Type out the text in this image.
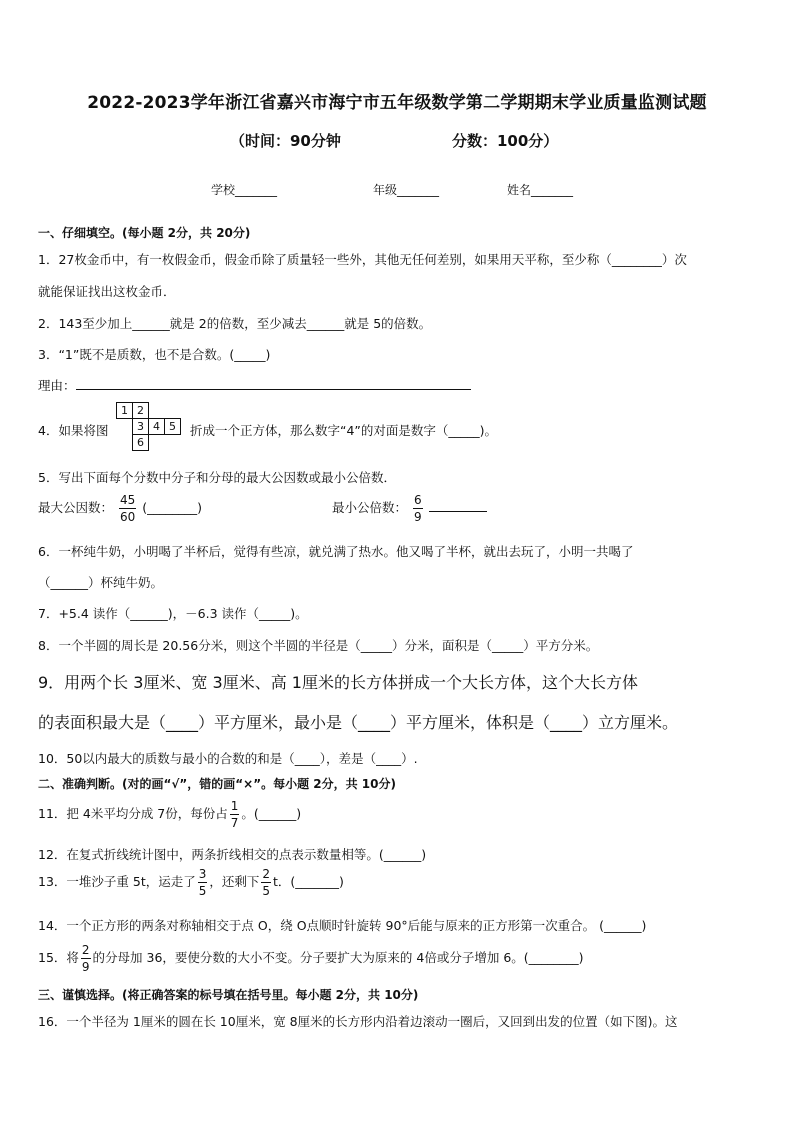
2022-2023学年浙江省嘉兴市海宁市五年级数学第二学期期末学业质量监测试题
（时间：90分钟	分数：100分）
学校_______	年级_______	姓名_______
一、仔细填空。(每小题 2分，共 20分)
1．27枚金币中，有一枚假金币，假金币除了质量轻一些外，其他无任何差别，如果用天平称，至少称（________）次
就能保证找出这枚金币．
2．143至少加上______就是 2的倍数，至少减去______就是 5的倍数。
3．“1”既不是质数，也不是合数。(_____)
理由：
4．如果将图
1	2		
	3	4	5
	6		
折成一个正方体，那么数字“4”的对面是数字（_____)。
5．写出下面每个分数中分子和分母的最大公因数或最小公倍数．
最大公因数： $\frac{45}{60}$ (________)	最小公倍数： $\frac{6}{9}$

6．一杯纯牛奶，小明喝了半杯后，觉得有些凉，就兑满了热水。他又喝了半杯，就出去玩了，小明一共喝了
（______）杯纯牛奶。
7．+5.4 读作（______)，－6.3 读作（_____)。
8．一个半圆的周长是 20.56分米，则这个半圆的半径是（_____）分米，面积是（_____）平方分米。
9．用两个长 3厘米、宽 3厘米、高 1厘米的长方体拼成一个大长方体，这个大长方体
的表面积最大是（____）平方厘米，最小是（____）平方厘米，体积是（____）立方厘米。
10．50以内最大的质数与最小的合数的和是（____），差是（____）.
二、准确判断。(对的画“√”，错的画“×”。每小题 2分，共 10分)
11．把 4米平均分成 7份，每份占 $\frac{1}{7}$ 。(______)
12．在复式折线统计图中，两条折线相交的点表示数量相等。(______)
13．一堆沙子重 5t，运走了 $\frac{3}{5}$ ，还剩下 $\frac{2}{5}$ t．(_______)
14．一个正方形的两条对称轴相交于点 O，绕 O点顺时针旋转 90°后能与原来的正方形第一次重合。 (______)
15．将 $\frac{2}{9}$ 的分母加 36，要使分数的大小不变。分子要扩大为原来的 4倍或分子增加 6。(________)
三、谨慎选择。(将正确答案的标号填在括号里。每小题 2分，共 10分)
16．一个半径为 1厘米的圆在长 10厘米，宽 8厘米的长方形内沿着边滚动一圈后，又回到出发的位置（如下图)。这
